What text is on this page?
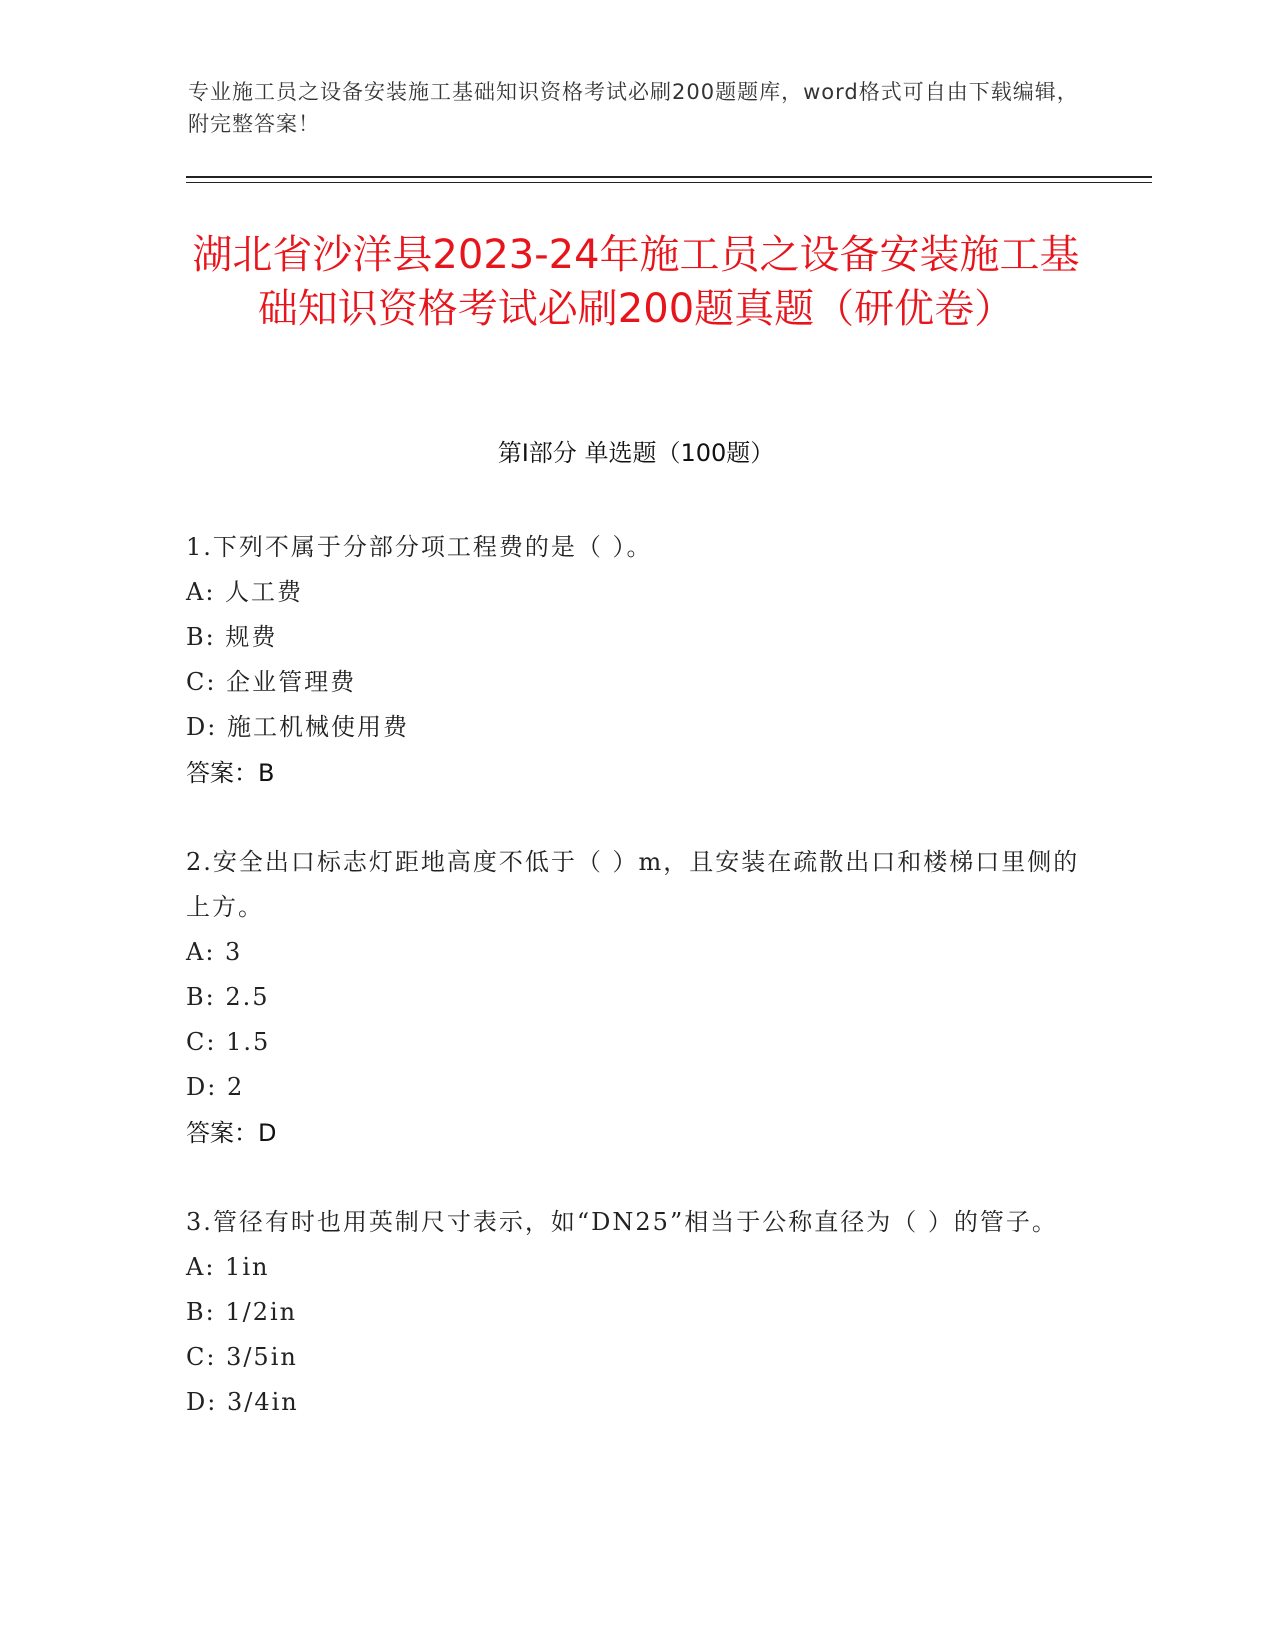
专业施工员之设备安装施工基础知识资格考试必刷200题题库，word格式可自由下载编辑，附完整答案！
湖北省沙洋县2023-24年施工员之设备安装施工基础知识资格考试必刷200题真题（研优卷）
第Ⅰ部分 单选题（100题）
1.下列不属于分部分项工程费的是（ ）。
A: 人工费
B: 规费
C: 企业管理费
D: 施工机械使用费
答案：B
2.安全出口标志灯距地高度不低于（ ）m，且安装在疏散出口和楼梯口里侧的上方。
A: 3
B: 2.5
C: 1.5
D: 2
答案：D
3.管径有时也用英制尺寸表示，如“DN25”相当于公称直径为（ ）的管子。
A: 1in
B: 1/2in
C: 3/5in
D: 3/4in
